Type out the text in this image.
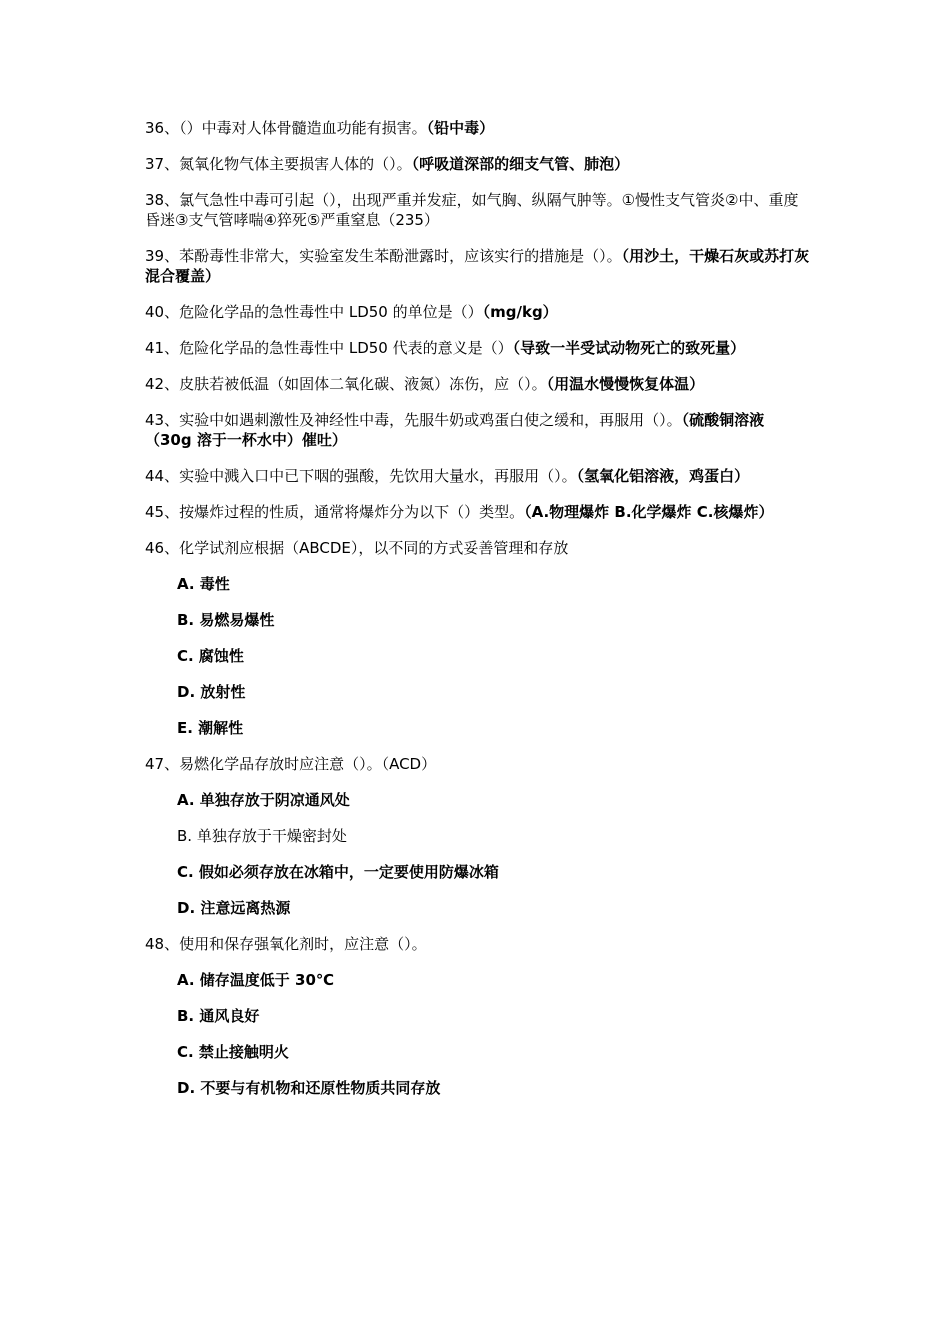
36、（）中毒对人体骨髓造血功能有损害。（铅中毒）

37、氮氧化物气体主要损害人体的（）。（呼吸道深部的细支气管、肺泡）

38、氯气急性中毒可引起（），出现严重并发症，如气胸、纵隔气肿等。①慢性支气管炎②中、重度昏迷③支气管哮喘④猝死⑤严重窒息（235）

39、苯酚毒性非常大，实验室发生苯酚泄露时，应该实行的措施是（）。（用沙土，干燥石灰或苏打灰混合覆盖）

40、危险化学品的急性毒性中 LD50 的单位是（）（mg/kg）

41、危险化学品的急性毒性中 LD50 代表的意义是（）（导致一半受试动物死亡的致死量）

42、皮肤若被低温（如固体二氧化碳、液氮）冻伤，应（）。（用温水慢慢恢复体温）

43、实验中如遇刺激性及神经性中毒，先服牛奶或鸡蛋白使之缓和，再服用（）。（硫酸铜溶液（30g 溶于一杯水中）催吐）

44、实验中溅入口中已下咽的强酸，先饮用大量水，再服用（）。（氢氧化铝溶液，鸡蛋白）

45、按爆炸过程的性质，通常将爆炸分为以下（）类型。（A.物理爆炸 B.化学爆炸 C.核爆炸）

46、化学试剂应根据（ABCDE），以不同的方式妥善管理和存放

A. 毒性

B. 易燃易爆性

C. 腐蚀性

D. 放射性

E. 潮解性

47、易燃化学品存放时应注意（）。（ACD）

A. 单独存放于阴凉通风处

B. 单独存放于干燥密封处

C. 假如必须存放在冰箱中，一定要使用防爆冰箱

D. 注意远离热源

48、使用和保存强氧化剂时，应注意（）。

A. 储存温度低于 30℃

B. 通风良好

C. 禁止接触明火

D. 不要与有机物和还原性物质共同存放
